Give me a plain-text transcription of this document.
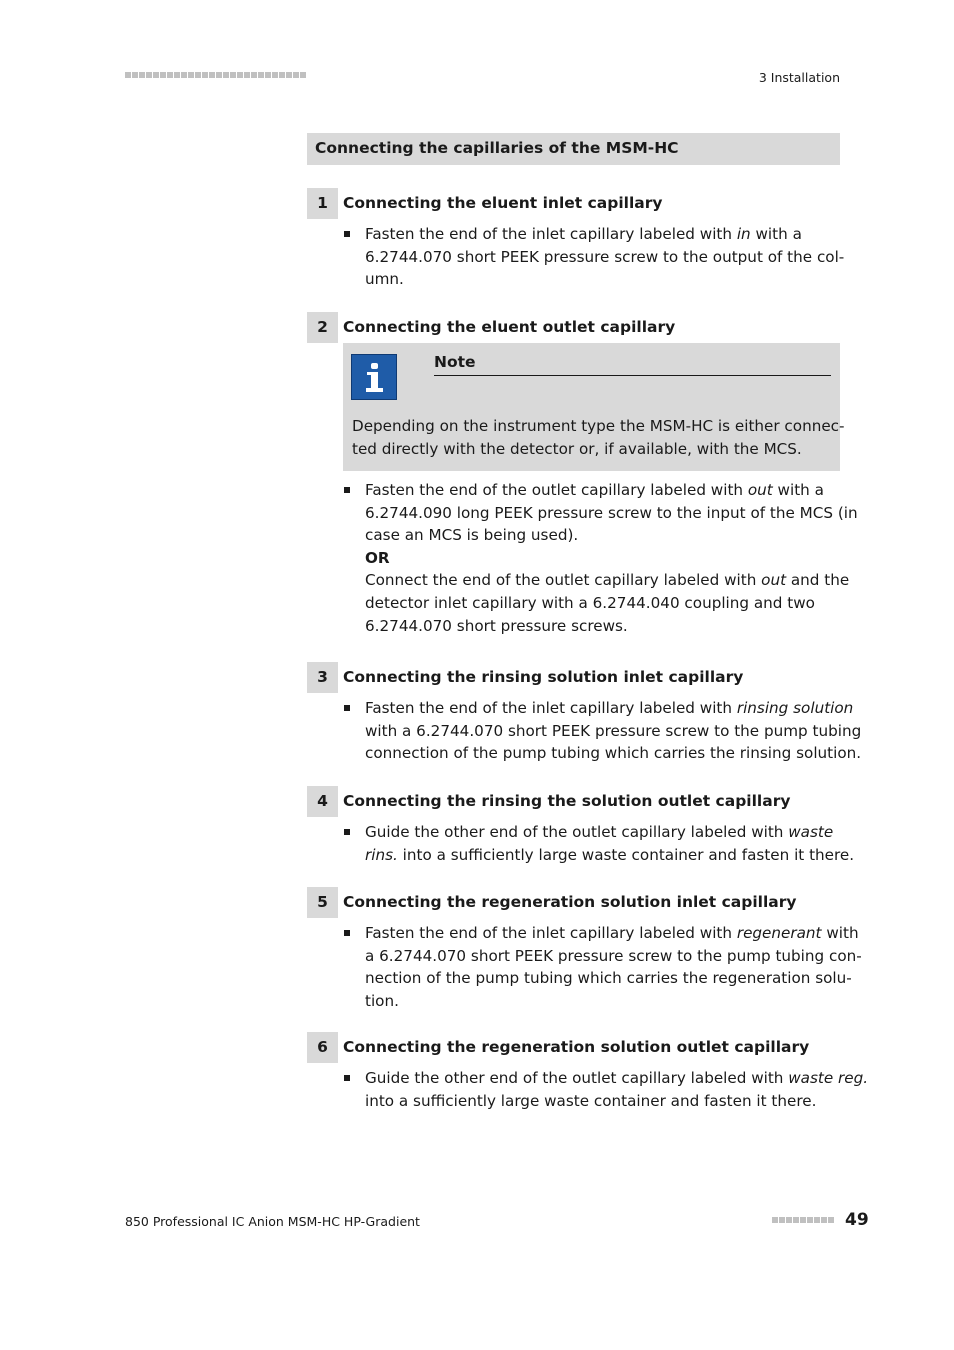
3 Installation
Connecting the capillaries of the MSM-HC
1 Connecting the eluent inlet capillary
Fasten the end of the inlet capillary labeled with in with a
6.2744.070 short PEEK pressure screw to the output of the col-
umn.
2 Connecting the eluent outlet capillary
Note
Depending on the instrument type the MSM-HC is either connec-
ted directly with the detector or, if available, with the MCS.
Fasten the end of the outlet capillary labeled with out with a
6.2744.090 long PEEK pressure screw to the input of the MCS (in
case an MCS is being used).
OR
Connect the end of the outlet capillary labeled with out and the
detector inlet capillary with a 6.2744.040 coupling and two
6.2744.070 short pressure screws.
3 Connecting the rinsing solution inlet capillary
Fasten the end of the inlet capillary labeled with rinsing solution
with a 6.2744.070 short PEEK pressure screw to the pump tubing
connection of the pump tubing which carries the rinsing solution.
4 Connecting the rinsing the solution outlet capillary
Guide the other end of the outlet capillary labeled with waste
rins. into a sufficiently large waste container and fasten it there.
5 Connecting the regeneration solution inlet capillary
Fasten the end of the inlet capillary labeled with regenerant with
a 6.2744.070 short PEEK pressure screw to the pump tubing con-
nection of the pump tubing which carries the regeneration solu-
tion.
6 Connecting the regeneration solution outlet capillary
Guide the other end of the outlet capillary labeled with waste reg.
into a sufficiently large waste container and fasten it there.
850 Professional IC Anion MSM-HC HP-Gradient	49
